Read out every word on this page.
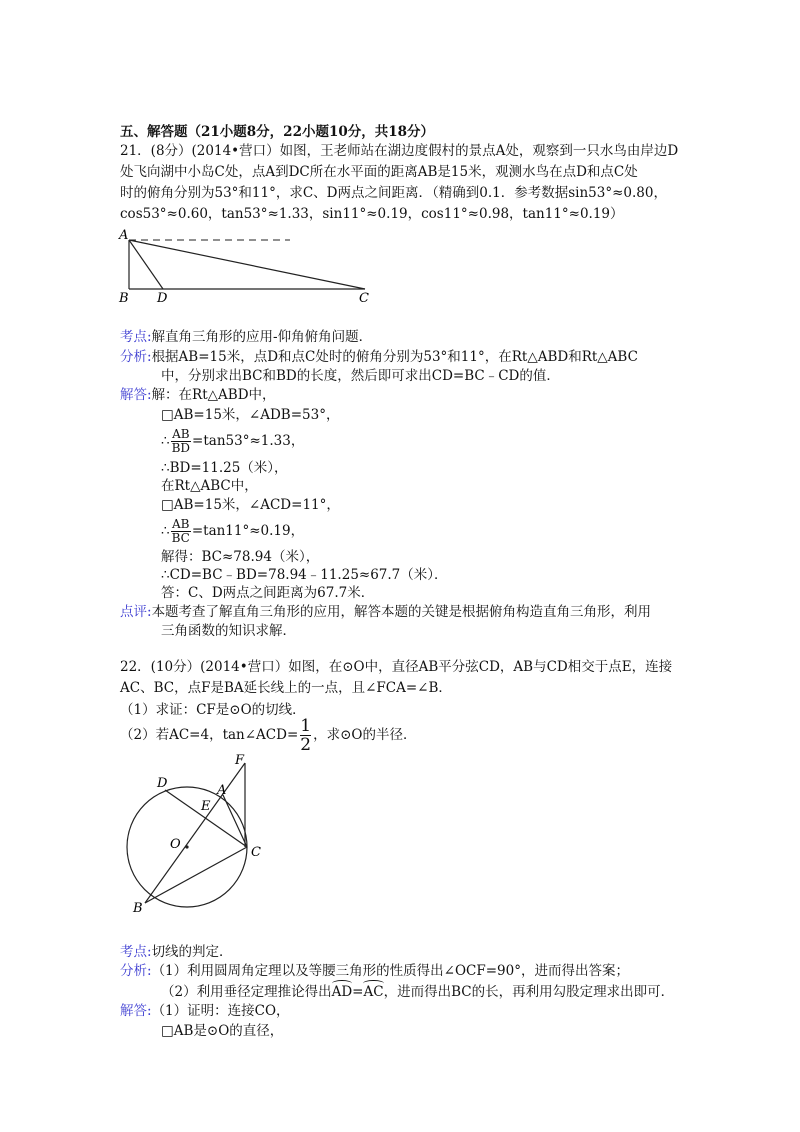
五、解答题（21小题8分，22小题10分，共18分）
21．(8分）(2014•营口）如图，王老师站在湖边度假村的景点A处，观察到一只水鸟由岸边D
处飞向湖中小岛C处，点A到DC所在水平面的距离AB是15米，观测水鸟在点D和点C处
时的俯角分别为53°和11°，求C、D两点之间距离．（精确到0.1．参考数据sin53°≈0.80，
cos53°≈0.60，tan53°≈1.33，sin11°≈0.19，cos11°≈0.98，tan11°≈0.19）
A
B D	C
考点:解直角三角形的应用-仰角俯角问题．
分析:根据AB=15米，点D和点C处时的俯角分别为53°和11°，在Rt△ABD和Rt△ABC
中，分别求出BC和BD的长度，然后即可求出CD=BC﹣CD的值．
解答:解：在Rt△ABD中，
□AB=15米，∠ADB=53°，
∴ $\frac{AB}{BD} =\tan 53^\circ\approx 1.33$，
∴BD=11.25（米），
在Rt△ABC中，
□AB=15米，∠ACD=11°，
∴ $\frac{AB}{BC} =\tan 11^\circ\approx 0.19$，
解得：BC≈78.94（米），
∴CD=BC﹣BD=78.94﹣11.25≈67.7（米）．
答：C、D两点之间距离为67.7米．
点评:本题考查了解直角三角形的应用，解答本题的关键是根据俯角构造直角三角形，利用
三角函数的知识求解．
22．(10分）(2014•营口）如图，在⊙O中，直径AB平分弦CD，AB与CD相交于点E，连接
AC、BC，点F是BA延长线上的一点，且∠FCA=∠B．
（1）求证：CF是⊙O的切线．
（2）若AC=4，tan∠ACD= $\frac{1}{2}$ ，求⊙O的半径．
F
D	A
E
O
C
B
考点:切线的判定．
分析:（1）利用圆周角定理以及等腰三角形的性质得出∠OCF=90°，进而得出答案；
（2）利用垂径定理推论得出AD=AC，进而得出BC的长，再利用勾股定理求出即可．
解答:（1）证明：连接CO，
□AB是⊙O的直径，
